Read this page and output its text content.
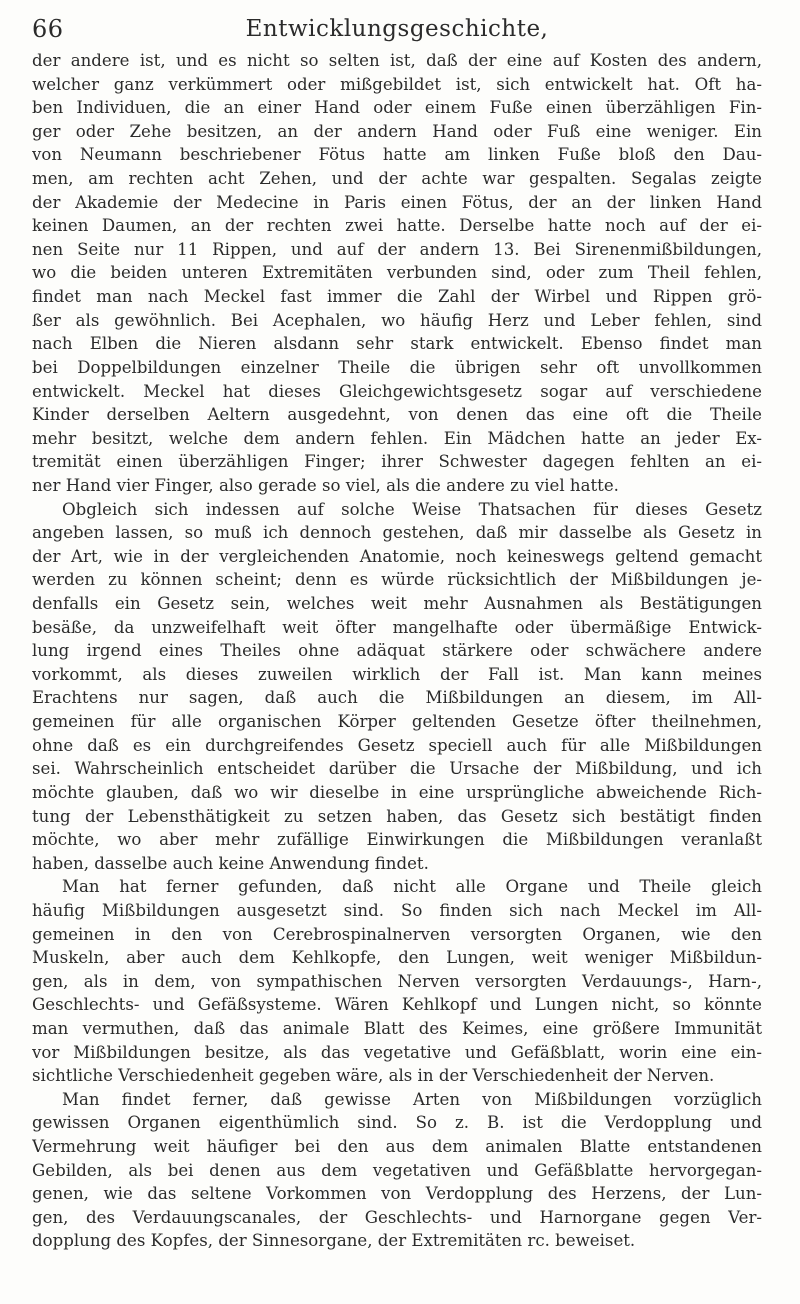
66	Entwicklungsgeschichte,
der andere ist, und es nicht so selten ist, daß der eine auf Kosten des andern,
welcher ganz verkümmert oder mißgebildet ist, sich entwickelt hat. Oft ha-
ben Individuen, die an einer Hand oder einem Fuße einen überzähligen Fin-
ger oder Zehe besitzen, an der andern Hand oder Fuß eine weniger. Ein
von Neumann beschriebener Fötus hatte am linken Fuße bloß den Dau-
men, am rechten acht Zehen, und der achte war gespalten. Segalas zeigte
der Akademie der Medecine in Paris einen Fötus, der an der linken Hand
keinen Daumen, an der rechten zwei hatte. Derselbe hatte noch auf der ei-
nen Seite nur 11 Rippen, und auf der andern 13. Bei Sirenenmißbildungen,
wo die beiden unteren Extremitäten verbunden sind, oder zum Theil fehlen,
findet man nach Meckel fast immer die Zahl der Wirbel und Rippen grö-
ßer als gewöhnlich. Bei Acephalen, wo häufig Herz und Leber fehlen, sind
nach Elben die Nieren alsdann sehr stark entwickelt. Ebenso findet man
bei Doppelbildungen einzelner Theile die übrigen sehr oft unvollkommen
entwickelt. Meckel hat dieses Gleichgewichtsgesetz sogar auf verschiedene
Kinder derselben Aeltern ausgedehnt, von denen das eine oft die Theile
mehr besitzt, welche dem andern fehlen. Ein Mädchen hatte an jeder Ex-
tremität einen überzähligen Finger; ihrer Schwester dagegen fehlten an ei-
ner Hand vier Finger, also gerade so viel, als die andere zu viel hatte.
Obgleich sich indessen auf solche Weise Thatsachen für dieses Gesetz
angeben lassen, so muß ich dennoch gestehen, daß mir dasselbe als Gesetz in
der Art, wie in der vergleichenden Anatomie, noch keineswegs geltend gemacht
werden zu können scheint; denn es würde rücksichtlich der Mißbildungen je-
denfalls ein Gesetz sein, welches weit mehr Ausnahmen als Bestätigungen
besäße, da unzweifelhaft weit öfter mangelhafte oder übermäßige Entwick-
lung irgend eines Theiles ohne adäquat stärkere oder schwächere andere
vorkommt, als dieses zuweilen wirklich der Fall ist. Man kann meines
Erachtens nur sagen, daß auch die Mißbildungen an diesem, im All-
gemeinen für alle organischen Körper geltenden Gesetze öfter theilnehmen,
ohne daß es ein durchgreifendes Gesetz speciell auch für alle Mißbildungen
sei. Wahrscheinlich entscheidet darüber die Ursache der Mißbildung, und ich
möchte glauben, daß wo wir dieselbe in eine ursprüngliche abweichende Rich-
tung der Lebensthätigkeit zu setzen haben, das Gesetz sich bestätigt finden
möchte, wo aber mehr zufällige Einwirkungen die Mißbildungen veranlaßt
haben, dasselbe auch keine Anwendung findet.
Man hat ferner gefunden, daß nicht alle Organe und Theile gleich
häufig Mißbildungen ausgesetzt sind. So finden sich nach Meckel im All-
gemeinen in den von Cerebrospinalnerven versorgten Organen, wie den
Muskeln, aber auch dem Kehlkopfe, den Lungen, weit weniger Mißbildun-
gen, als in dem, von sympathischen Nerven versorgten Verdauungs-, Harn-,
Geschlechts- und Gefäßsysteme. Wären Kehlkopf und Lungen nicht, so könnte
man vermuthen, daß das animale Blatt des Keimes, eine größere Immunität
vor Mißbildungen besitze, als das vegetative und Gefäßblatt, worin eine ein-
sichtliche Verschiedenheit gegeben wäre, als in der Verschiedenheit der Nerven.
Man findet ferner, daß gewisse Arten von Mißbildungen vorzüglich
gewissen Organen eigenthümlich sind. So z. B. ist die Verdopplung und
Vermehrung weit häufiger bei den aus dem animalen Blatte entstandenen
Gebilden, als bei denen aus dem vegetativen und Gefäßblatte hervorgegan-
genen, wie das seltene Vorkommen von Verdopplung des Herzens, der Lun-
gen, des Verdauungscanales, der Geschlechts- und Harnorgane gegen Ver-
dopplung des Kopfes, der Sinnesorgane, der Extremitäten rc. beweiset.
